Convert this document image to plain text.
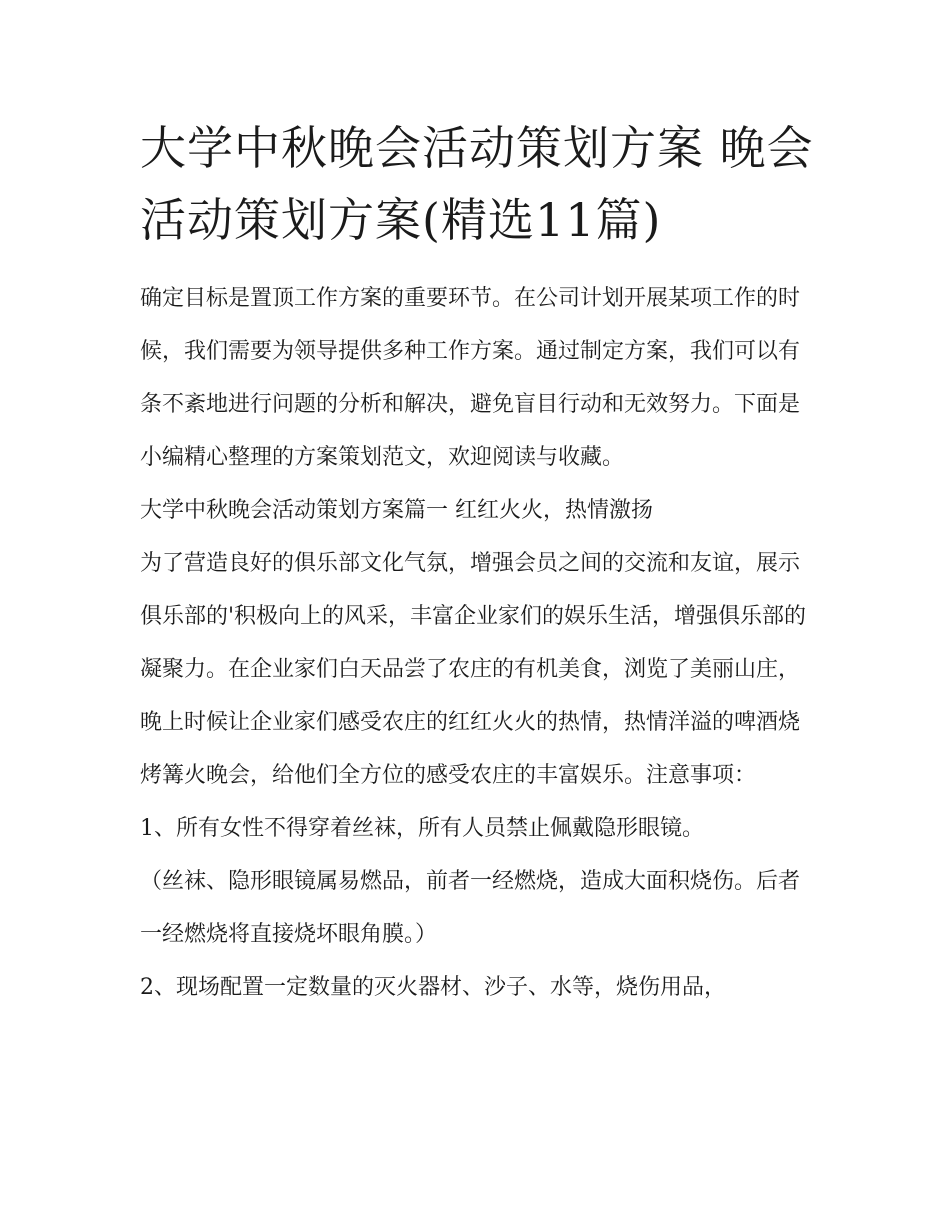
大学中秋晚会活动策划方案 晚会活动策划方案(精选11篇)

确定目标是置顶工作方案的重要环节。在公司计划开展某项工作的时候，我们需要为领导提供多种工作方案。通过制定方案，我们可以有条不紊地进行问题的分析和解决，避免盲目行动和无效努力。下面是小编精心整理的方案策划范文，欢迎阅读与收藏。

大学中秋晚会活动策划方案篇一 红红火火，热情激扬

为了营造良好的俱乐部文化气氛，增强会员之间的交流和友谊，展示俱乐部的'积极向上的风采，丰富企业家们的娱乐生活，增强俱乐部的凝聚力。在企业家们白天品尝了农庄的有机美食，浏览了美丽山庄，晚上时候让企业家们感受农庄的红红火火的热情，热情洋溢的啤酒烧烤篝火晚会，给他们全方位的感受农庄的丰富娱乐。注意事项：

1、所有女性不得穿着丝袜，所有人员禁止佩戴隐形眼镜。

（丝袜、隐形眼镜属易燃品，前者一经燃烧，造成大面积烧伤。后者一经燃烧将直接烧坏眼角膜。）

2、现场配置一定数量的灭火器材、沙子、水等，烧伤用品，
